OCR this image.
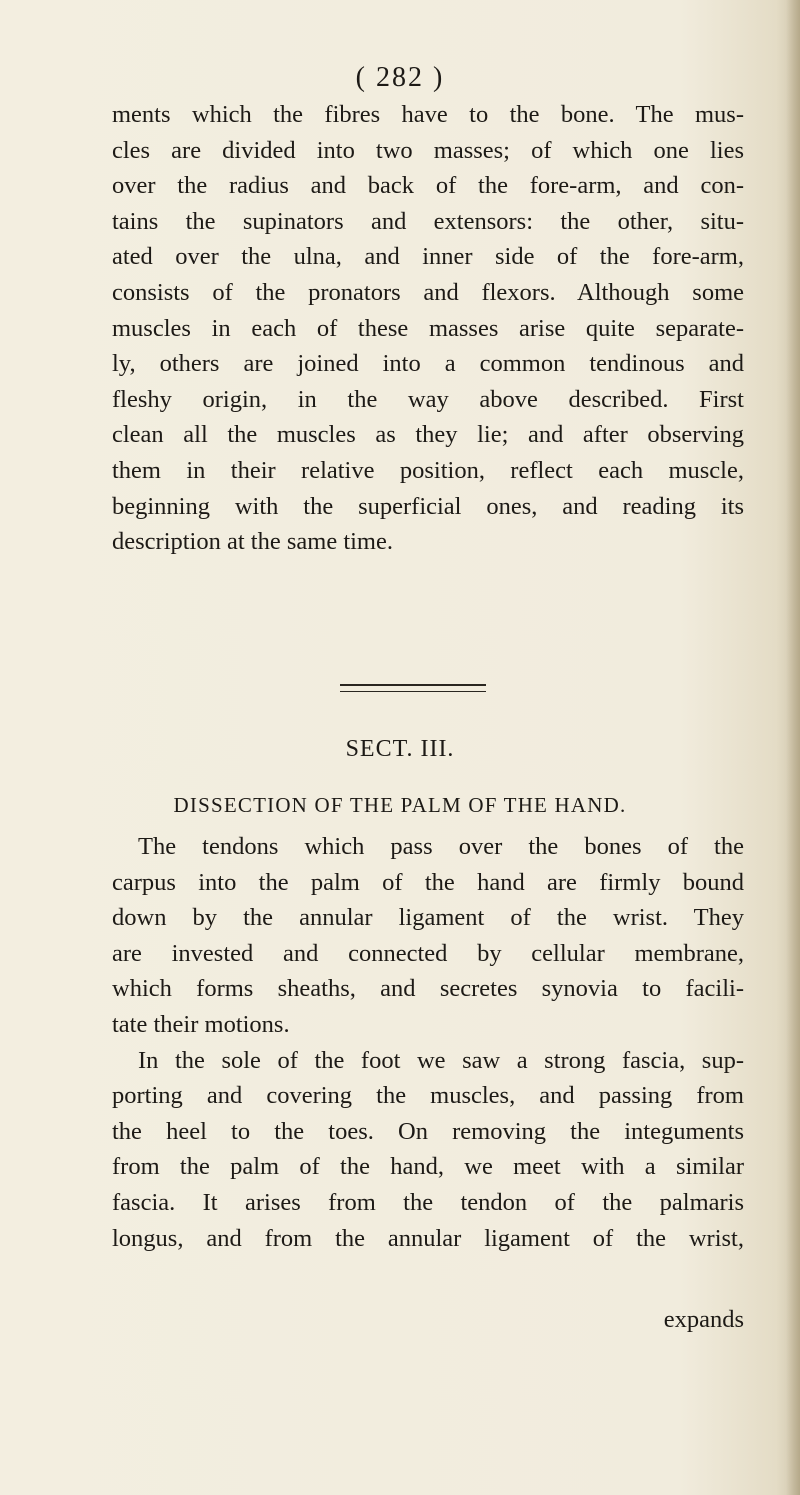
( 282 )
ments which the fibres have to the bone. The mus-
cles are divided into two masses; of which one lies
over the radius and back of the fore-arm, and con-
tains the supinators and extensors: the other, situ-
ated over the ulna, and inner side of the fore-arm,
consists of the pronators and flexors. Although some
muscles in each of these masses arise quite separate-
ly, others are joined into a common tendinous and
fleshy origin, in the way above described. First
clean all the muscles as they lie; and after observing
them in their relative position, reflect each muscle,
beginning with the superficial ones, and reading its
description at the same time.
SECT. III.
DISSECTION OF THE PALM OF THE HAND.
The tendons which pass over the bones of the
carpus into the palm of the hand are firmly bound
down by the annular ligament of the wrist. They
are invested and connected by cellular membrane,
which forms sheaths, and secretes synovia to facili-
tate their motions.
In the sole of the foot we saw a strong fascia, sup-
porting and covering the muscles, and passing from
the heel to the toes. On removing the integuments
from the palm of the hand, we meet with a similar
fascia. It arises from the tendon of the palmaris
longus, and from the annular ligament of the wrist,
expands
